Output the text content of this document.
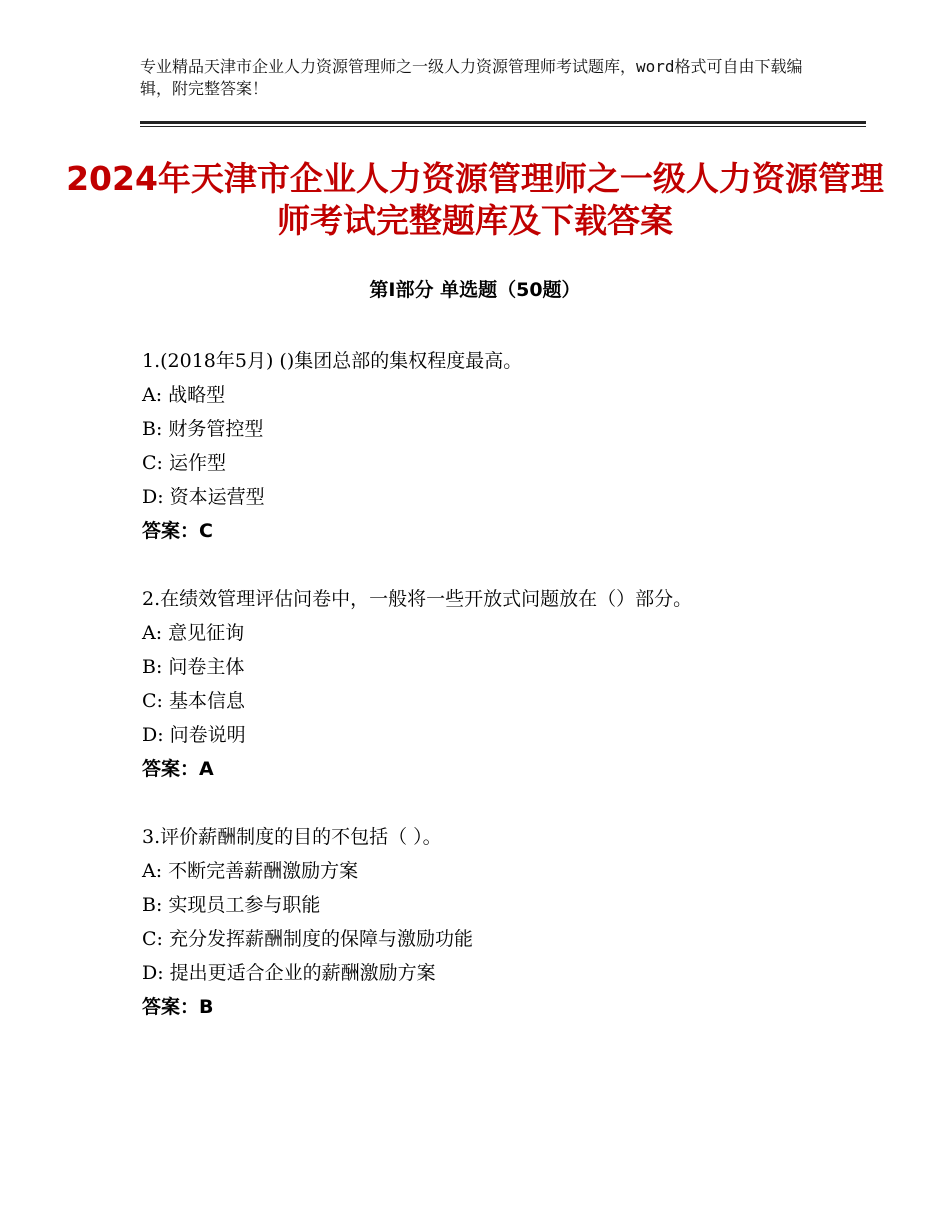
专业精品天津市企业人力资源管理师之一级人力资源管理师考试题库，word格式可自由下载编辑，附完整答案！
2024年天津市企业人力资源管理师之一级人力资源管理师考试完整题库及下载答案
第Ⅰ部分 单选题（50题）
1.(2018年5月) ()集团总部的集权程度最高。
A: 战略型
B: 财务管控型
C: 运作型
D: 资本运营型
答案：C
2.在绩效管理评估问卷中，一般将一些开放式问题放在（）部分。
A: 意见征询
B: 问卷主体
C: 基本信息
D: 问卷说明
答案：A
3.评价薪酬制度的目的不包括（ ）。
A: 不断完善薪酬激励方案
B: 实现员工参与职能
C: 充分发挥薪酬制度的保障与激励功能
D: 提出更适合企业的薪酬激励方案
答案：B
